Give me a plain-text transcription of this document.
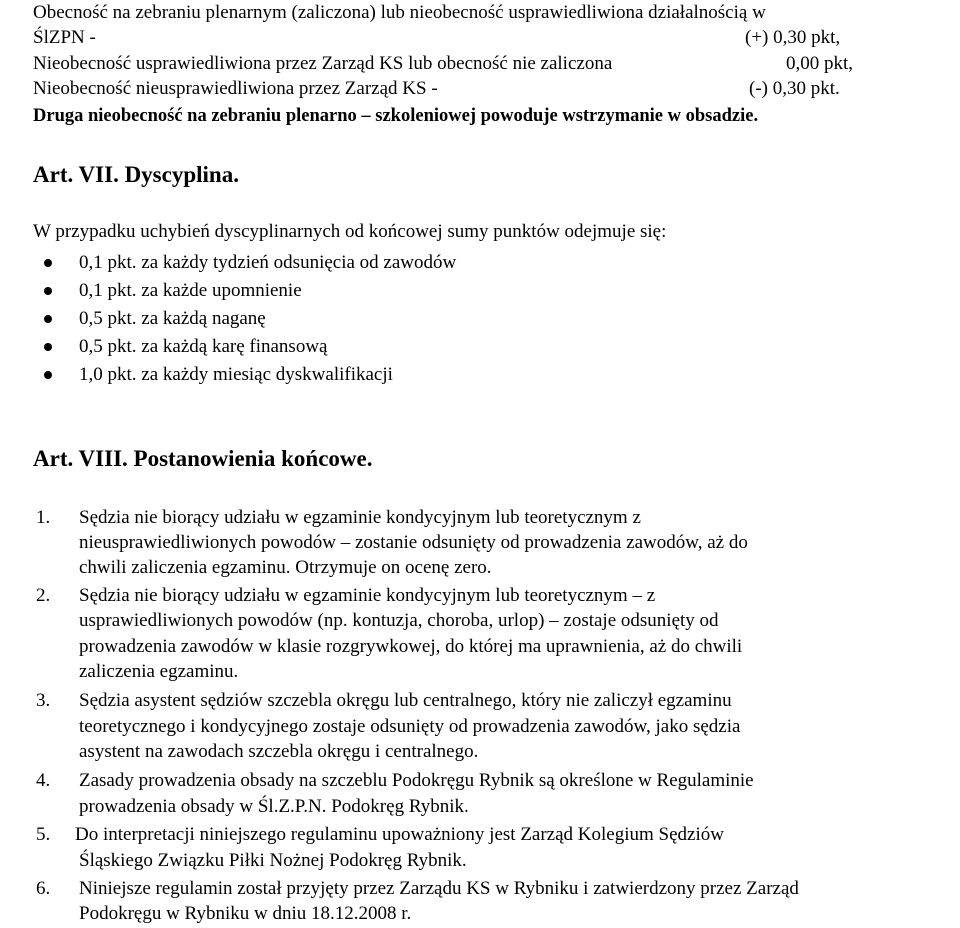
Obecność na zebraniu plenarnym (zaliczona) lub nieobecność usprawiedliwiona działalnością w
ŚlZPN -	(+) 0,30 pkt,
Nieobecność usprawiedliwiona przez Zarząd KS lub obecność nie zaliczona	0,00 pkt,
Nieobecność nieusprawiedliwiona przez Zarząd KS -	(-) 0,30 pkt.
Druga nieobecność na zebraniu plenarno – szkoleniowej powoduje wstrzymanie w obsadzie.
Art. VII. Dyscyplina.
W przypadku uchybień dyscyplinarnych od końcowej sumy punktów odejmuje się:
0,1 pkt. za każdy tydzień odsunięcia od zawodów
0,1 pkt. za każde upomnienie
0,5 pkt. za każdą naganę
0,5 pkt. za każdą karę finansową
1,0 pkt. za każdy miesiąc dyskwalifikacji
Art. VIII. Postanowienia końcowe.
1. Sędzia nie biorący udziału w egzaminie kondycyjnym lub teoretycznym z
nieusprawiedliwionych powodów – zostanie odsunięty od prowadzenia zawodów, aż do
chwili zaliczenia egzaminu. Otrzymuje on ocenę zero.
2. Sędzia nie biorący udziału w egzaminie kondycyjnym lub teoretycznym – z
usprawiedliwionych powodów (np. kontuzja, choroba, urlop) – zostaje odsunięty od
prowadzenia zawodów w klasie rozgrywkowej, do której ma uprawnienia, aż do chwili
zaliczenia egzaminu.
3. Sędzia asystent sędziów szczebla okręgu lub centralnego, który nie zaliczył egzaminu
teoretycznego i kondycyjnego zostaje odsunięty od prowadzenia zawodów, jako sędzia
asystent na zawodach szczebla okręgu i centralnego.
4. Zasady prowadzenia obsady na szczeblu Podokręgu Rybnik są określone w Regulaminie
prowadzenia obsady w Śl.Z.P.N. Podokręg Rybnik.
5. Do interpretacji niniejszego regulaminu upoważniony jest Zarząd Kolegium Sędziów
Śląskiego Związku Piłki Nożnej Podokręg Rybnik.
6. Niniejsze regulamin został przyjęty przez Zarządu KS w Rybniku i zatwierdzony przez Zarząd
Podokręgu w Rybniku w dniu 18.12.2008 r.
